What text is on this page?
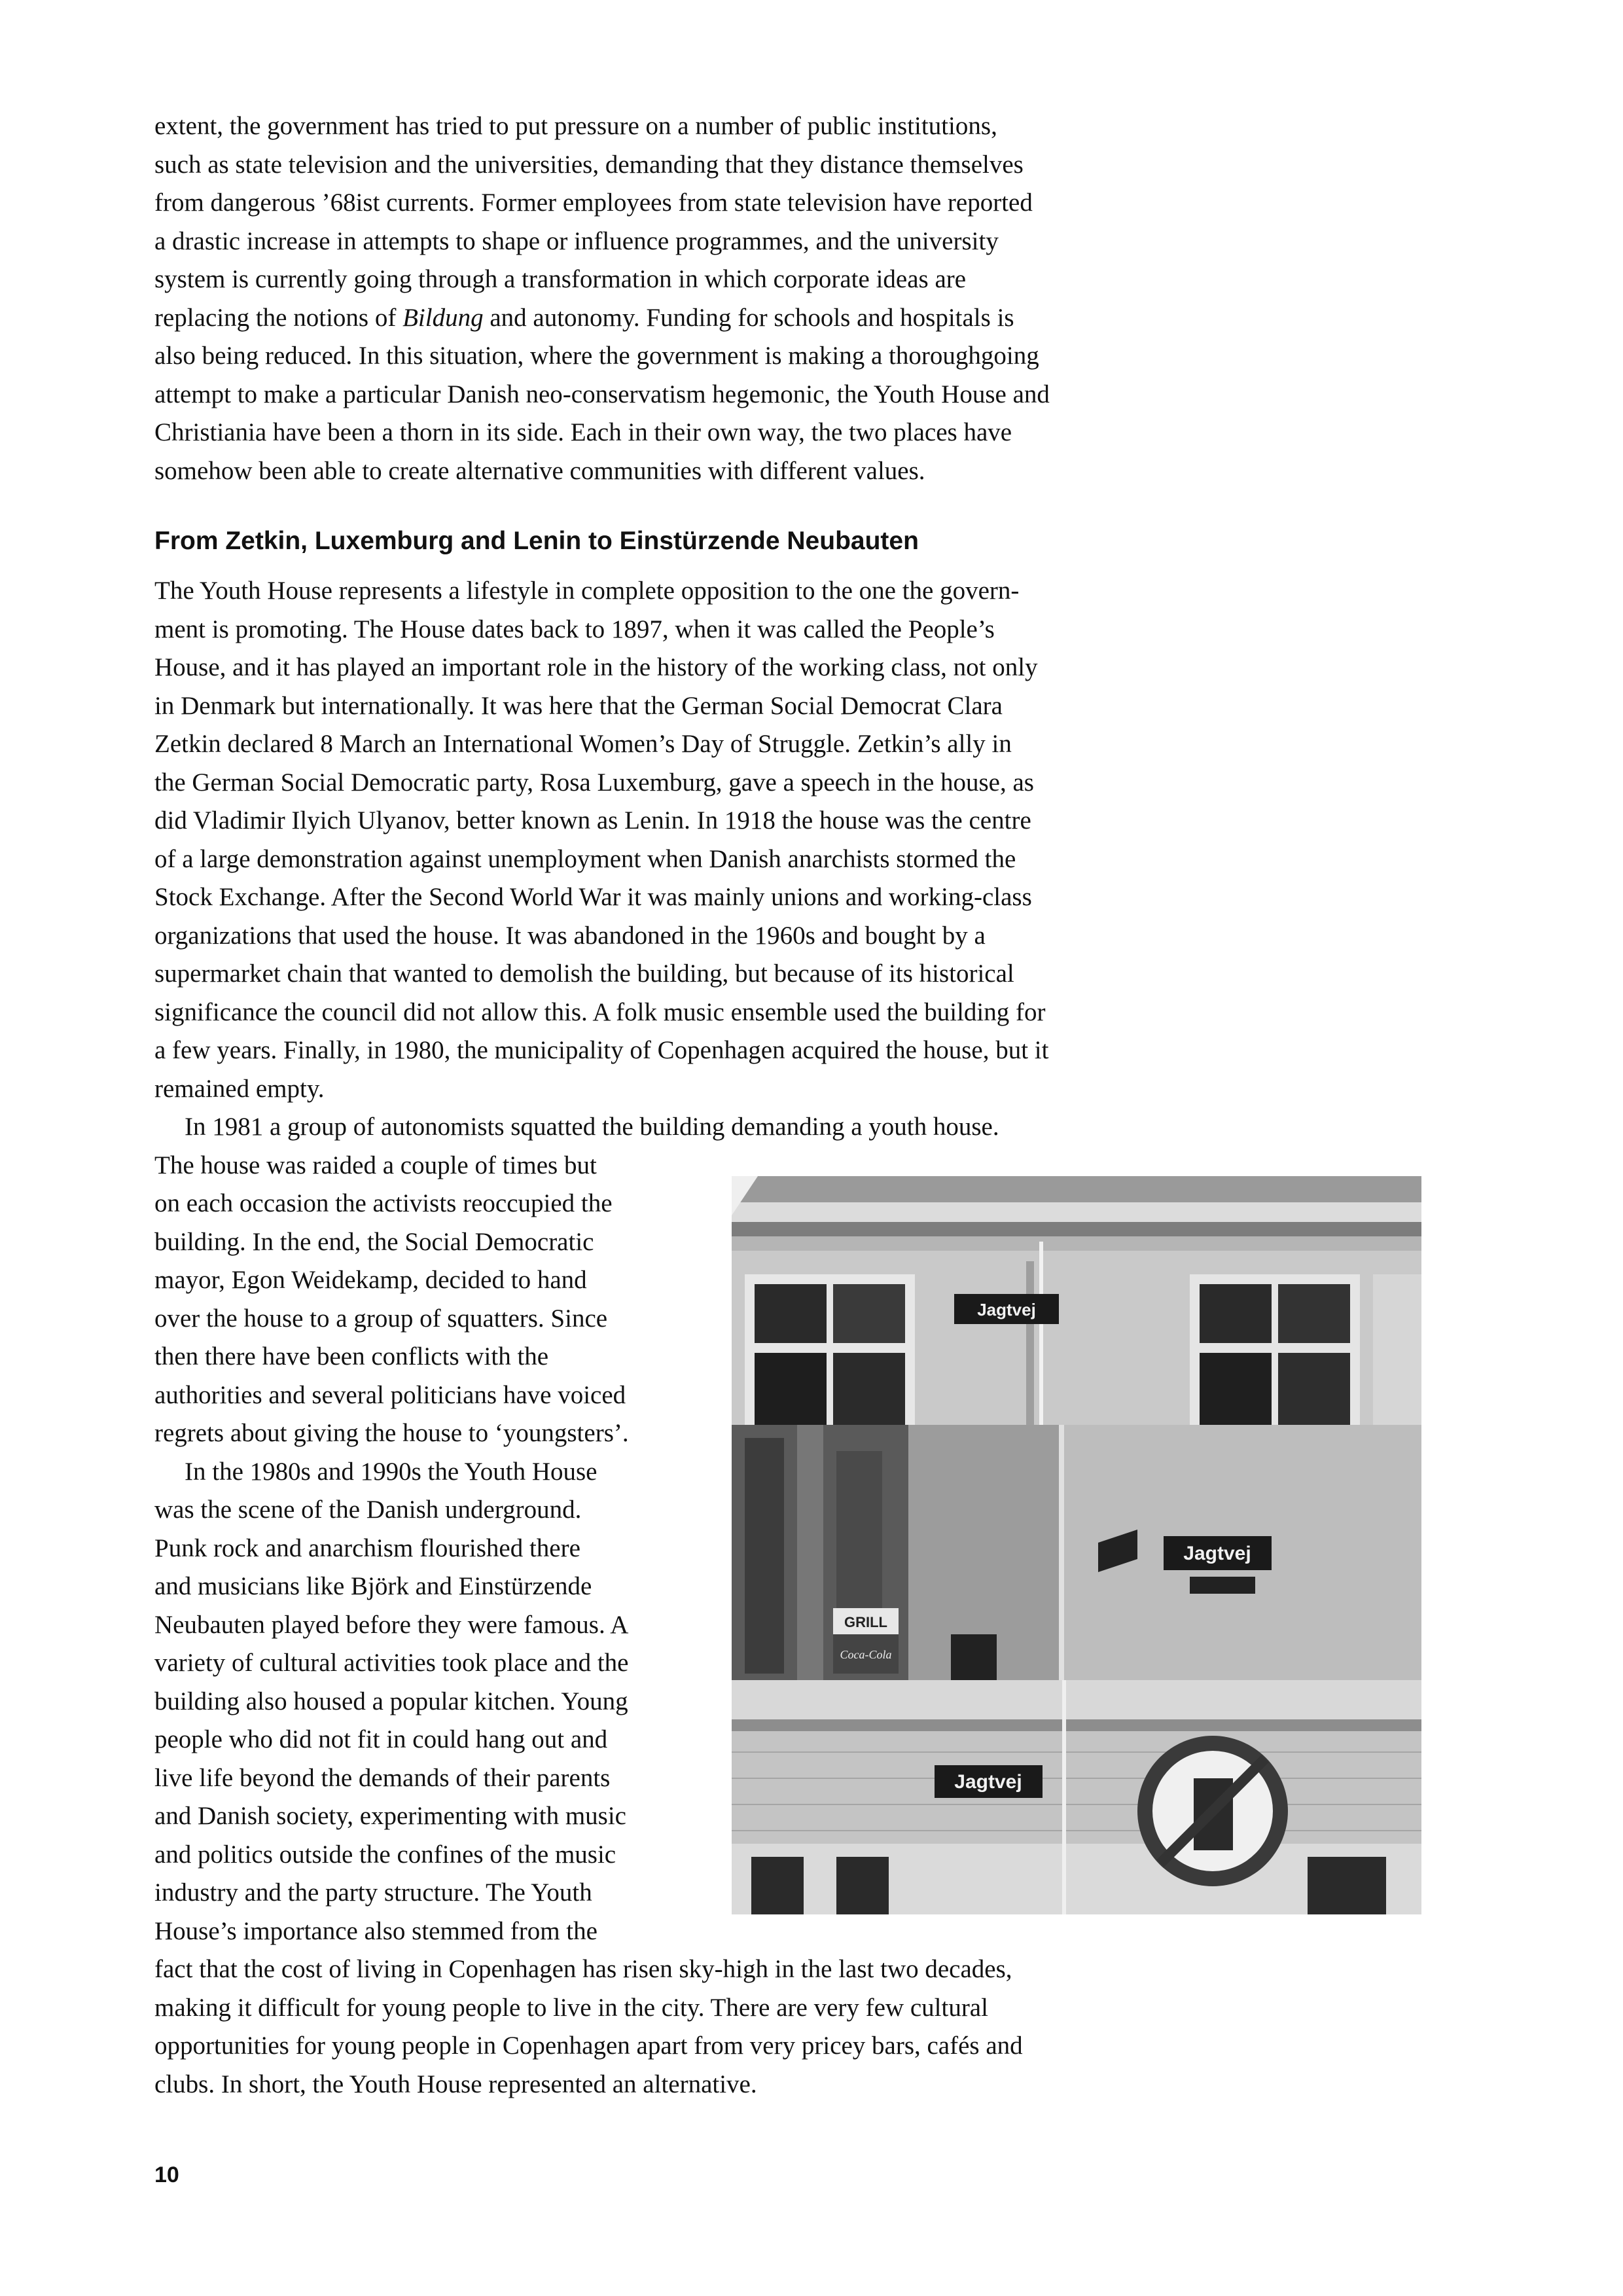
extent, the government has tried to put pressure on a number of public institutions,
such as state television and the universities, demanding that they distance themselves
from dangerous ’68ist currents. Former employees from state television have reported
a drastic increase in attempts to shape or influence programmes, and the university
system is currently going through a transformation in which corporate ideas are
replacing the notions of Bildung and autonomy. Funding for schools and hospitals is
also being reduced. In this situation, where the government is making a thoroughgoing
attempt to make a particular Danish neo-conservatism hegemonic, the Youth House and
Christiania have been a thorn in its side. Each in their own way, the two places have
somehow been able to create alternative communities with different values.

From Zetkin, Luxemburg and Lenin to Einstürzende Neubauten

The Youth House represents a lifestyle in complete opposition to the one the govern-
ment is promoting. The House dates back to 1897, when it was called the People’s
House, and it has played an important role in the history of the working class, not only
in Denmark but internationally. It was here that the German Social Democrat Clara
Zetkin declared 8 March an International Women’s Day of Struggle. Zetkin’s ally in
the German Social Democratic party, Rosa Luxemburg, gave a speech in the house, as
did Vladimir Ilyich Ulyanov, better known as Lenin. In 1918 the house was the centre
of a large demonstration against unemployment when Danish anarchists stormed the
Stock Exchange. After the Second World War it was mainly unions and working-class
organizations that used the house. It was abandoned in the 1960s and bought by a
supermarket chain that wanted to demolish the building, but because of its historical
significance the council did not allow this. A folk music ensemble used the building for
a few years. Finally, in 1980, the municipality of Copenhagen acquired the house, but it
remained empty.

In 1981 a group of autonomists squatted the building demanding a youth house.
The house was raided a couple of times but
on each occasion the activists reoccupied the
building. In the end, the Social Democratic
mayor, Egon Weidekamp, decided to hand
over the house to a group of squatters. Since
then there have been conflicts with the
authorities and several politicians have voiced
regrets about giving the house to ‘youngsters’.
In the 1980s and 1990s the Youth House
was the scene of the Danish underground.
Punk rock and anarchism flourished there
and musicians like Björk and Einstürzende
Neubauten played before they were famous. A
variety of cultural activities took place and the
building also housed a popular kitchen. Young
people who did not fit in could hang out and
live life beyond the demands of their parents
and Danish society, experimenting with music
and politics outside the confines of the music
industry and the party structure. The Youth
House’s importance also stemmed from the
fact that the cost of living in Copenhagen has risen sky-high in the last two decades,
making it difficult for young people to live in the city. There are very few cultural
opportunities for young people in Copenhagen apart from very pricey bars, cafés and
clubs. In short, the Youth House represented an alternative.

Jagtvej
Jagtvej
GRILL
Coca-Cola
Jagtvej
10
